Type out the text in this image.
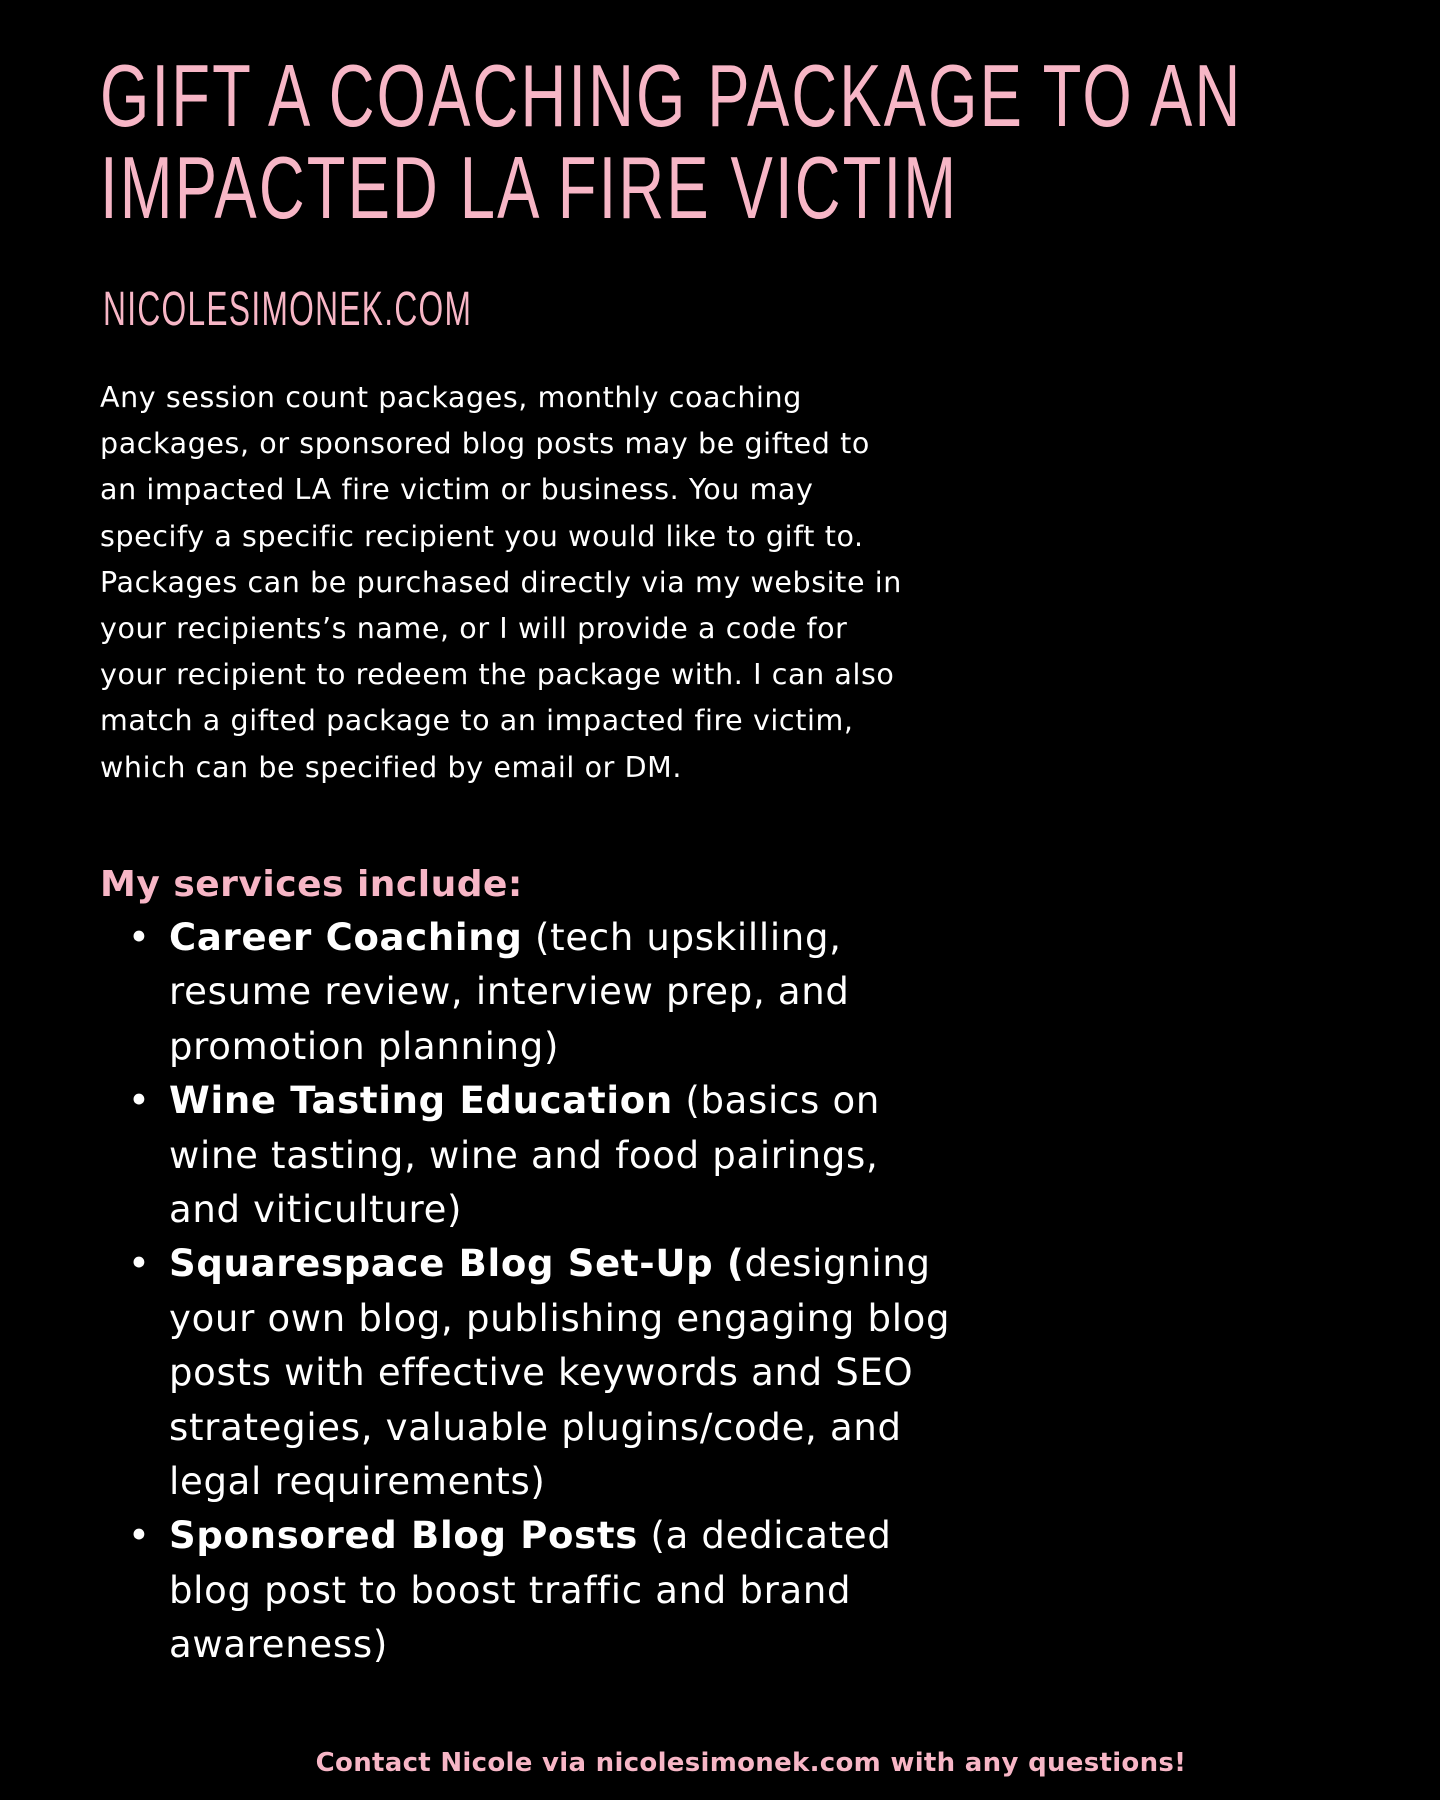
GIFT A COACHING PACKAGE TO AN
IMPACTED LA FIRE VICTIM

NICOLESIMONEK.COM

Any session count packages, monthly coaching
packages, or sponsored blog posts may be gifted to
an impacted LA fire victim or business. You may
specify a specific recipient you would like to gift to.
Packages can be purchased directly via my website in
your recipients’s name, or I will provide a code for
your recipient to redeem the package with. I can also
match a gifted package to an impacted fire victim,
which can be specified by email or DM.

My services include:
• Career Coaching (tech upskilling,
resume review, interview prep, and
promotion planning)
• Wine Tasting Education (basics on
wine tasting, wine and food pairings,
and viticulture)
• Squarespace Blog Set-Up (designing
your own blog, publishing engaging blog
posts with effective keywords and SEO
strategies, valuable plugins/code, and
legal requirements)
• Sponsored Blog Posts (a dedicated
blog post to boost traffic and brand
awareness)

Contact Nicole via nicolesimonek.com with any questions!
